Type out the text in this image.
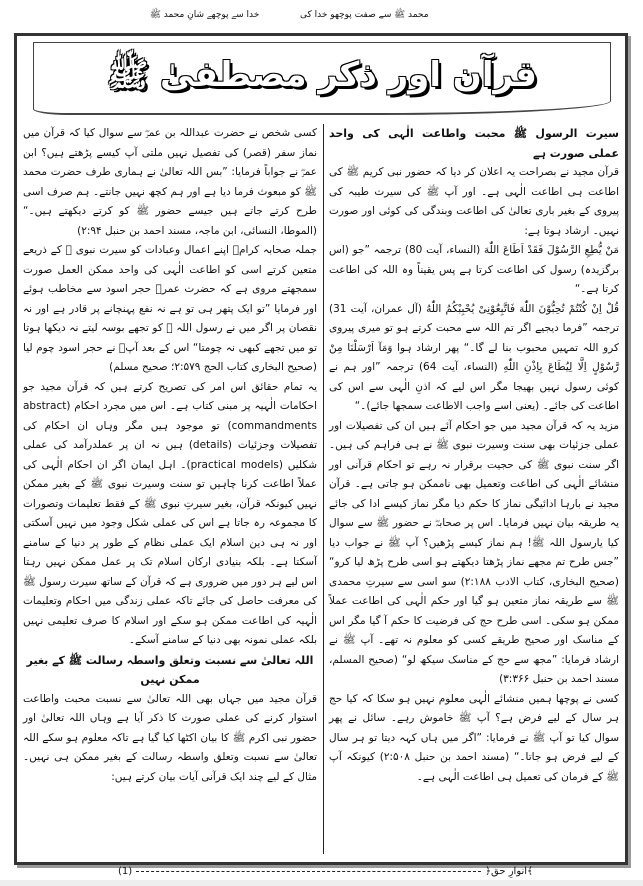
محمد ﷺ سے صفت پوچھو خدا کی
خدا سے پوچھے شانِ محمد ﷺ
قرآن اور ذکر مصطفیٰ ﷺ
سیرت الرسول ﷺ محبت واطاعت الٰہی کی واحد عملی صورت ہے

قرآن مجید نے بصراحت یہ اعلان کر دیا کہ حضور نبی کریم ﷺ کی اطاعت ہی اطاعت الٰہی ہے۔ اور آپ ﷺ کی سیرت طیبہ کی پیروی کے بغیر باری تعالیٰ کی اطاعت وبندگی کی کوئی اور صورت نہیں۔ ارشاد ہوتا ہے:

مَنْ یُّطِعِ الرَّسُوْلَ فَقَدْ اَطَاعَ اللّٰهَ (النساء، آیت 80) ترجمہ ”جو (اس برگزیدہ) رسول کی اطاعت کرتا ہے پس یقیناً وہ اللہ کی اطاعت کرتا ہے۔“

قُلْ اِنْ كُنْتُمْ تُحِبُّوْنَ اللّٰهَ فَاتَّبِعُوْنِیْ یُحْبِبْكُمُ اللّٰهُ (آل عمران، آیت 31) ترجمہ ”فرما دیجیے اگر تم اللہ سے محبت کرتے ہو تو میری پیروی کرو اللہ تمہیں محبوب بنا لے گا۔“ پھر ارشاد ہوا وَمَآ اَرْسَلْنَا مِنْ رَّسُوْلٍ اِلَّا لِیُطَاعَ بِاِذْنِ اللّٰهِ (النساء، آیت 64) ترجمہ ”اور ہم نے کوئی رسول نہیں بھیجا مگر اس لیے کہ اذنِ الٰہی سے اس کی اطاعت کی جائے۔ (یعنی اسے واجب الاطاعت سمجھا جائے)۔“

مزید یہ کہ قرآن مجید میں جو احکام آئے ہیں ان کی تفصیلات اور عملی جزئیات بھی سنت وسیرت نبوی ﷺ نے ہی فراہم کی ہیں۔ اگر سنت نبوی ﷺ کی حجیت برقرار نہ رہے تو احکام قرآنی اور منشائے الٰہی کی اطاعت وتعمیل بھی ناممکن ہو جاتی ہے۔ قرآن مجید نے بارہا ادائیگی نماز کا حکم دیا مگر نماز کیسے ادا کی جائے یہ طریقہ بیان نہیں فرمایا۔ اس پر صحابہؓ نے حضور ﷺ سے سوال کیا یارسول اللہ ﷺ! ہم نماز کیسے پڑھیں؟ آپ ﷺ نے جواب دیا ”جس طرح تم مجھے نماز پڑھتا دیکھتے ہو اسی طرح پڑھ لیا کرو“ (صحیح البخاری، کتاب الادب ۲:۱۸۸) سو اسی سے سیرتِ محمدی ﷺ سے طریقہ نماز متعین ہو گیا اور حکم الٰہی کی اطاعت عملاً ممکن ہو سکی۔ اسی طرح حج کی فرضیت کا حکم آ گیا مگر اس کے مناسک اور صحیح طریقے کسی کو معلوم نہ تھے۔ آپ ﷺ نے ارشاد فرمایا: ”مجھ سے حج کے مناسک سیکھ لو“ (صحیح المسلم، مسند احمد بن حنبل ۳:۳۶۶)

کسی نے پوچھا ہمیں منشائے الٰہی معلوم نہیں ہو سکا کہ کیا حج ہر سال کے لیے فرض ہے؟ آپ ﷺ خاموش رہے۔ سائل نے پھر سوال کیا تو آپ ﷺ نے فرمایا: ”اگر میں ہاں کہہ دیتا تو ہر سال کے لیے فرض ہو جاتا۔“ (مسند احمد بن حنبل ۲:۵۰۸) کیونکہ آپ ﷺ کے فرمان کی تعمیل ہی اطاعت الٰہی ہے۔

کسی شخص نے حضرت عبداللہ بن عمرؓ سے سوال کیا کہ قرآن میں نماز سفر (قصر) کی تفصیل نہیں ملتی آپ کیسے پڑھتے ہیں؟ ابن عمرؓ نے جواباً فرمایا: ”بس اللہ تعالیٰ نے ہماری طرف حضرت محمد ﷺ کو مبعوث فرما دیا ہے اور ہم کچھ نہیں جانتے۔ ہم صرف اسی طرح کرتے جاتے ہیں جیسے حضور ﷺ کو کرتے دیکھتے ہیں۔“ (الموطا، النسائی، ابن ماجہ، مسند احمد بن حنبل ۲:۹۴)

جملہ صحابہ کرامؓ اپنے اعمال وعبادات کو سیرت نبوی ﷺ کے ذریعے متعین کرتے اسی کو اطاعت الٰہی کی واحد ممکن العمل صورت سمجھتے مروی ہے کہ حضرت عمرؓ حجر اسود سے مخاطب ہوئے اور فرمایا ”تو ایک پتھر ہی تو ہے نہ نفع پہنچانے پر قادر ہے اور نہ نقصان پر اگر میں نے رسول اللہ ﷺ کو تجھے بوسہ لیتے نہ دیکھا ہوتا تو میں تجھے کبھی نہ چومتا“ اس کے بعد آپؓ نے حجر اسود چوم لیا (صحیح البخاری کتاب الحج ۲:۵۷۹؛ صحیح مسلم)

یہ تمام حقائق اس امر کی تصریح کرتے ہیں کہ قرآن مجید جو احکامات الٰہیہ پر مبنی کتاب ہے۔ اس میں مجرد احکام (abstract commandments) تو موجود ہیں مگر وہاں ان احکام کی تفصیلات وجزئیات (details) ہیں نہ ان پر عملدرآمد کی عملی شکلیں (practical models)۔ اہل ایمان اگر ان احکام الٰہی کی عملاً اطاعت کرنا چاہیں تو سنت وسیرت نبوی ﷺ کے بغیر ممکن نہیں کیونکہ قرآن، بغیر سیرتِ نبوی ﷺ کے فقط تعلیمات وتصورات کا مجموعہ رہ جاتا ہے اس کی عملی شکل وجود میں نہیں آسکتی اور نہ ہی دین اسلام ایک عملی نظام کے طور پر دنیا کے سامنے آسکتا ہے۔ بلکہ بنیادی ارکان اسلام تک پر عمل ممکن نہیں رہتا اس لیے ہر دور میں ضروری ہے کہ قرآن کے ساتھ سیرت رسول ﷺ کی معرفت حاصل کی جائے تاکہ عملی زندگی میں احکام وتعلیمات الٰہیہ کی اطاعت ممکن ہو سکے اور اسلام کا صرف تعلیمی نہیں بلکہ عملی نمونہ بھی دنیا کے سامنے آسکے۔

اللہ تعالیٰ سے نسبت وتعلق واسطہ رسالت ﷺ کے بغیر ممکن نہیں

قرآن مجید میں جہاں بھی اللہ تعالیٰ سے نسبت محبت واطاعت استوار کرنے کی عملی صورت کا ذکر آیا ہے وہاں اللہ تعالیٰ اور حضور نبی اکرم ﷺ کا بیان اکٹھا کیا گیا ہے تاکہ معلوم ہو سکے اللہ تعالیٰ سے نسبت وتعلق واسطہ رسالت کے بغیر ممکن ہی نہیں۔ مثال کے لیے چند ایک قرآنی آیات بیان کرتے ہیں:

(1)	﴿انوارِ حق﴾
